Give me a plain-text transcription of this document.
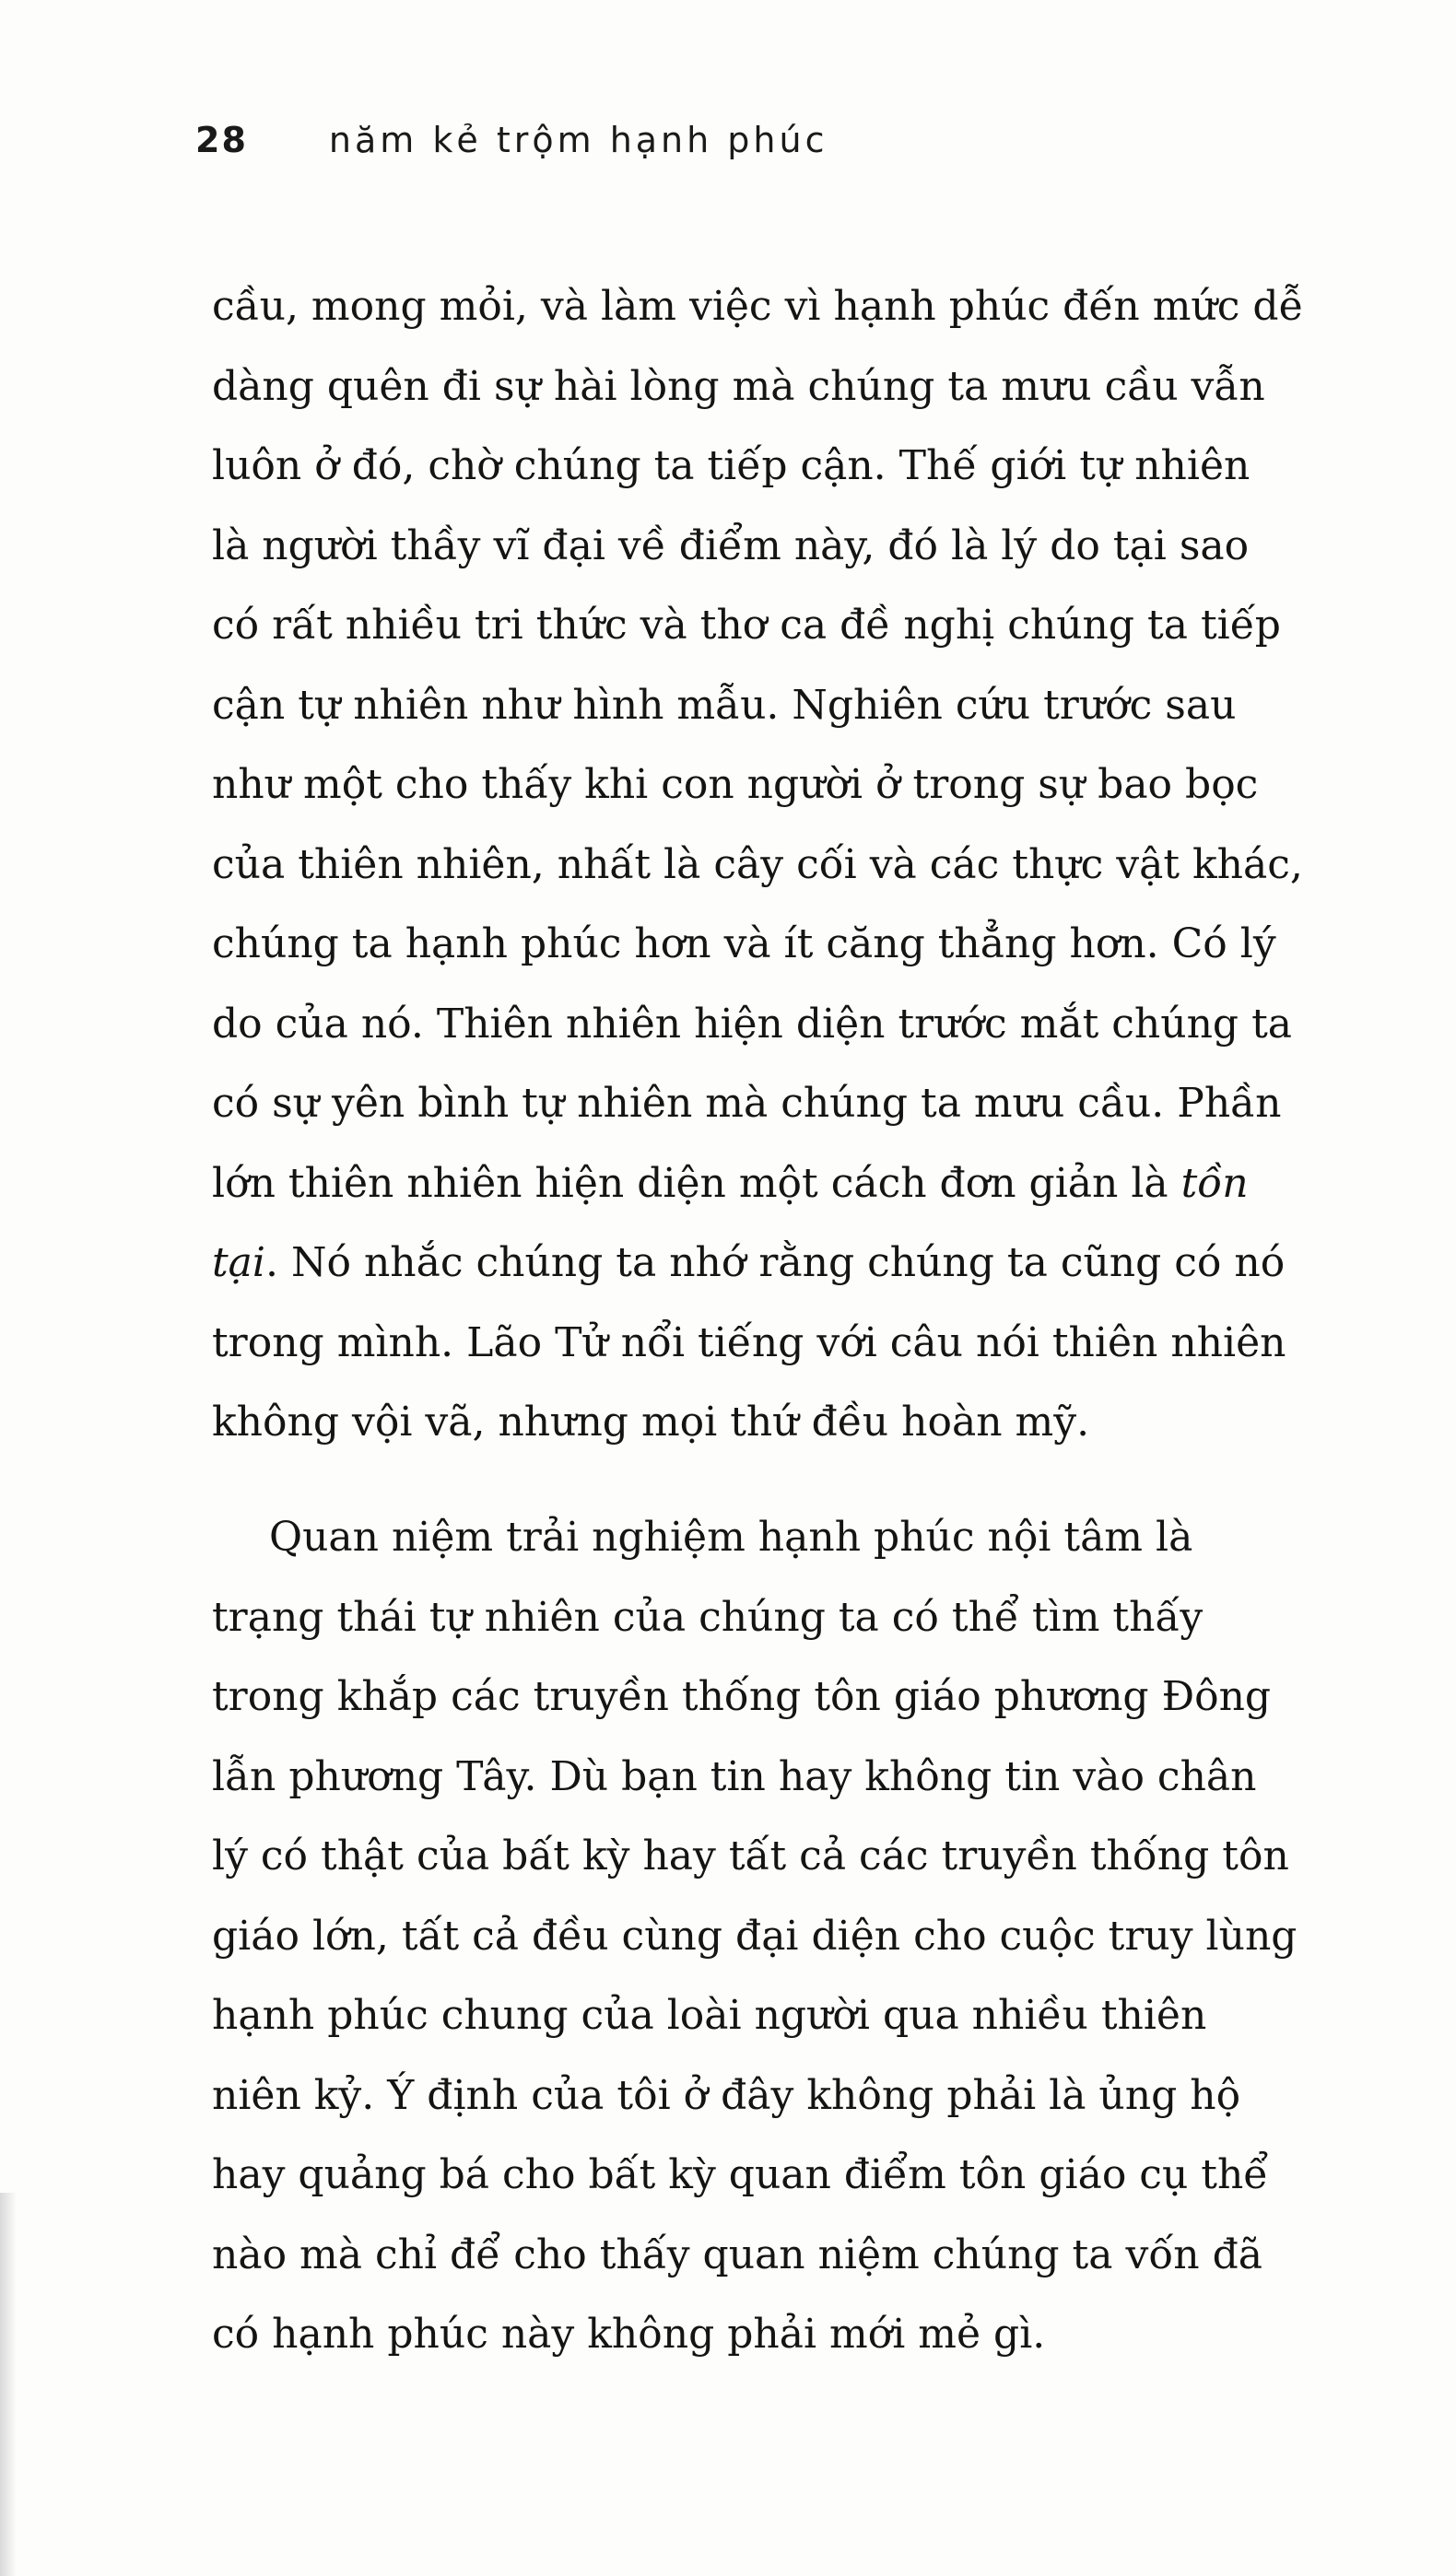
28 năm kẻ trộm hạnh phúc
cầu, mong mỏi, và làm việc vì hạnh phúc đến mức dễ
dàng quên đi sự hài lòng mà chúng ta mưu cầu vẫn
luôn ở đó, chờ chúng ta tiếp cận. Thế giới tự nhiên
là người thầy vĩ đại về điểm này, đó là lý do tại sao
có rất nhiều tri thức và thơ ca đề nghị chúng ta tiếp
cận tự nhiên như hình mẫu. Nghiên cứu trước sau
như một cho thấy khi con người ở trong sự bao bọc
của thiên nhiên, nhất là cây cối và các thực vật khác,
chúng ta hạnh phúc hơn và ít căng thẳng hơn. Có lý
do của nó. Thiên nhiên hiện diện trước mắt chúng ta
có sự yên bình tự nhiên mà chúng ta mưu cầu. Phần
lớn thiên nhiên hiện diện một cách đơn giản là tồn
tại. Nó nhắc chúng ta nhớ rằng chúng ta cũng có nó
trong mình. Lão Tử nổi tiếng với câu nói thiên nhiên
không vội vã, nhưng mọi thứ đều hoàn mỹ.
Quan niệm trải nghiệm hạnh phúc nội tâm là
trạng thái tự nhiên của chúng ta có thể tìm thấy
trong khắp các truyền thống tôn giáo phương Đông
lẫn phương Tây. Dù bạn tin hay không tin vào chân
lý có thật của bất kỳ hay tất cả các truyền thống tôn
giáo lớn, tất cả đều cùng đại diện cho cuộc truy lùng
hạnh phúc chung của loài người qua nhiều thiên
niên kỷ. Ý định của tôi ở đây không phải là ủng hộ
hay quảng bá cho bất kỳ quan điểm tôn giáo cụ thể
nào mà chỉ để cho thấy quan niệm chúng ta vốn đã
có hạnh phúc này không phải mới mẻ gì.
